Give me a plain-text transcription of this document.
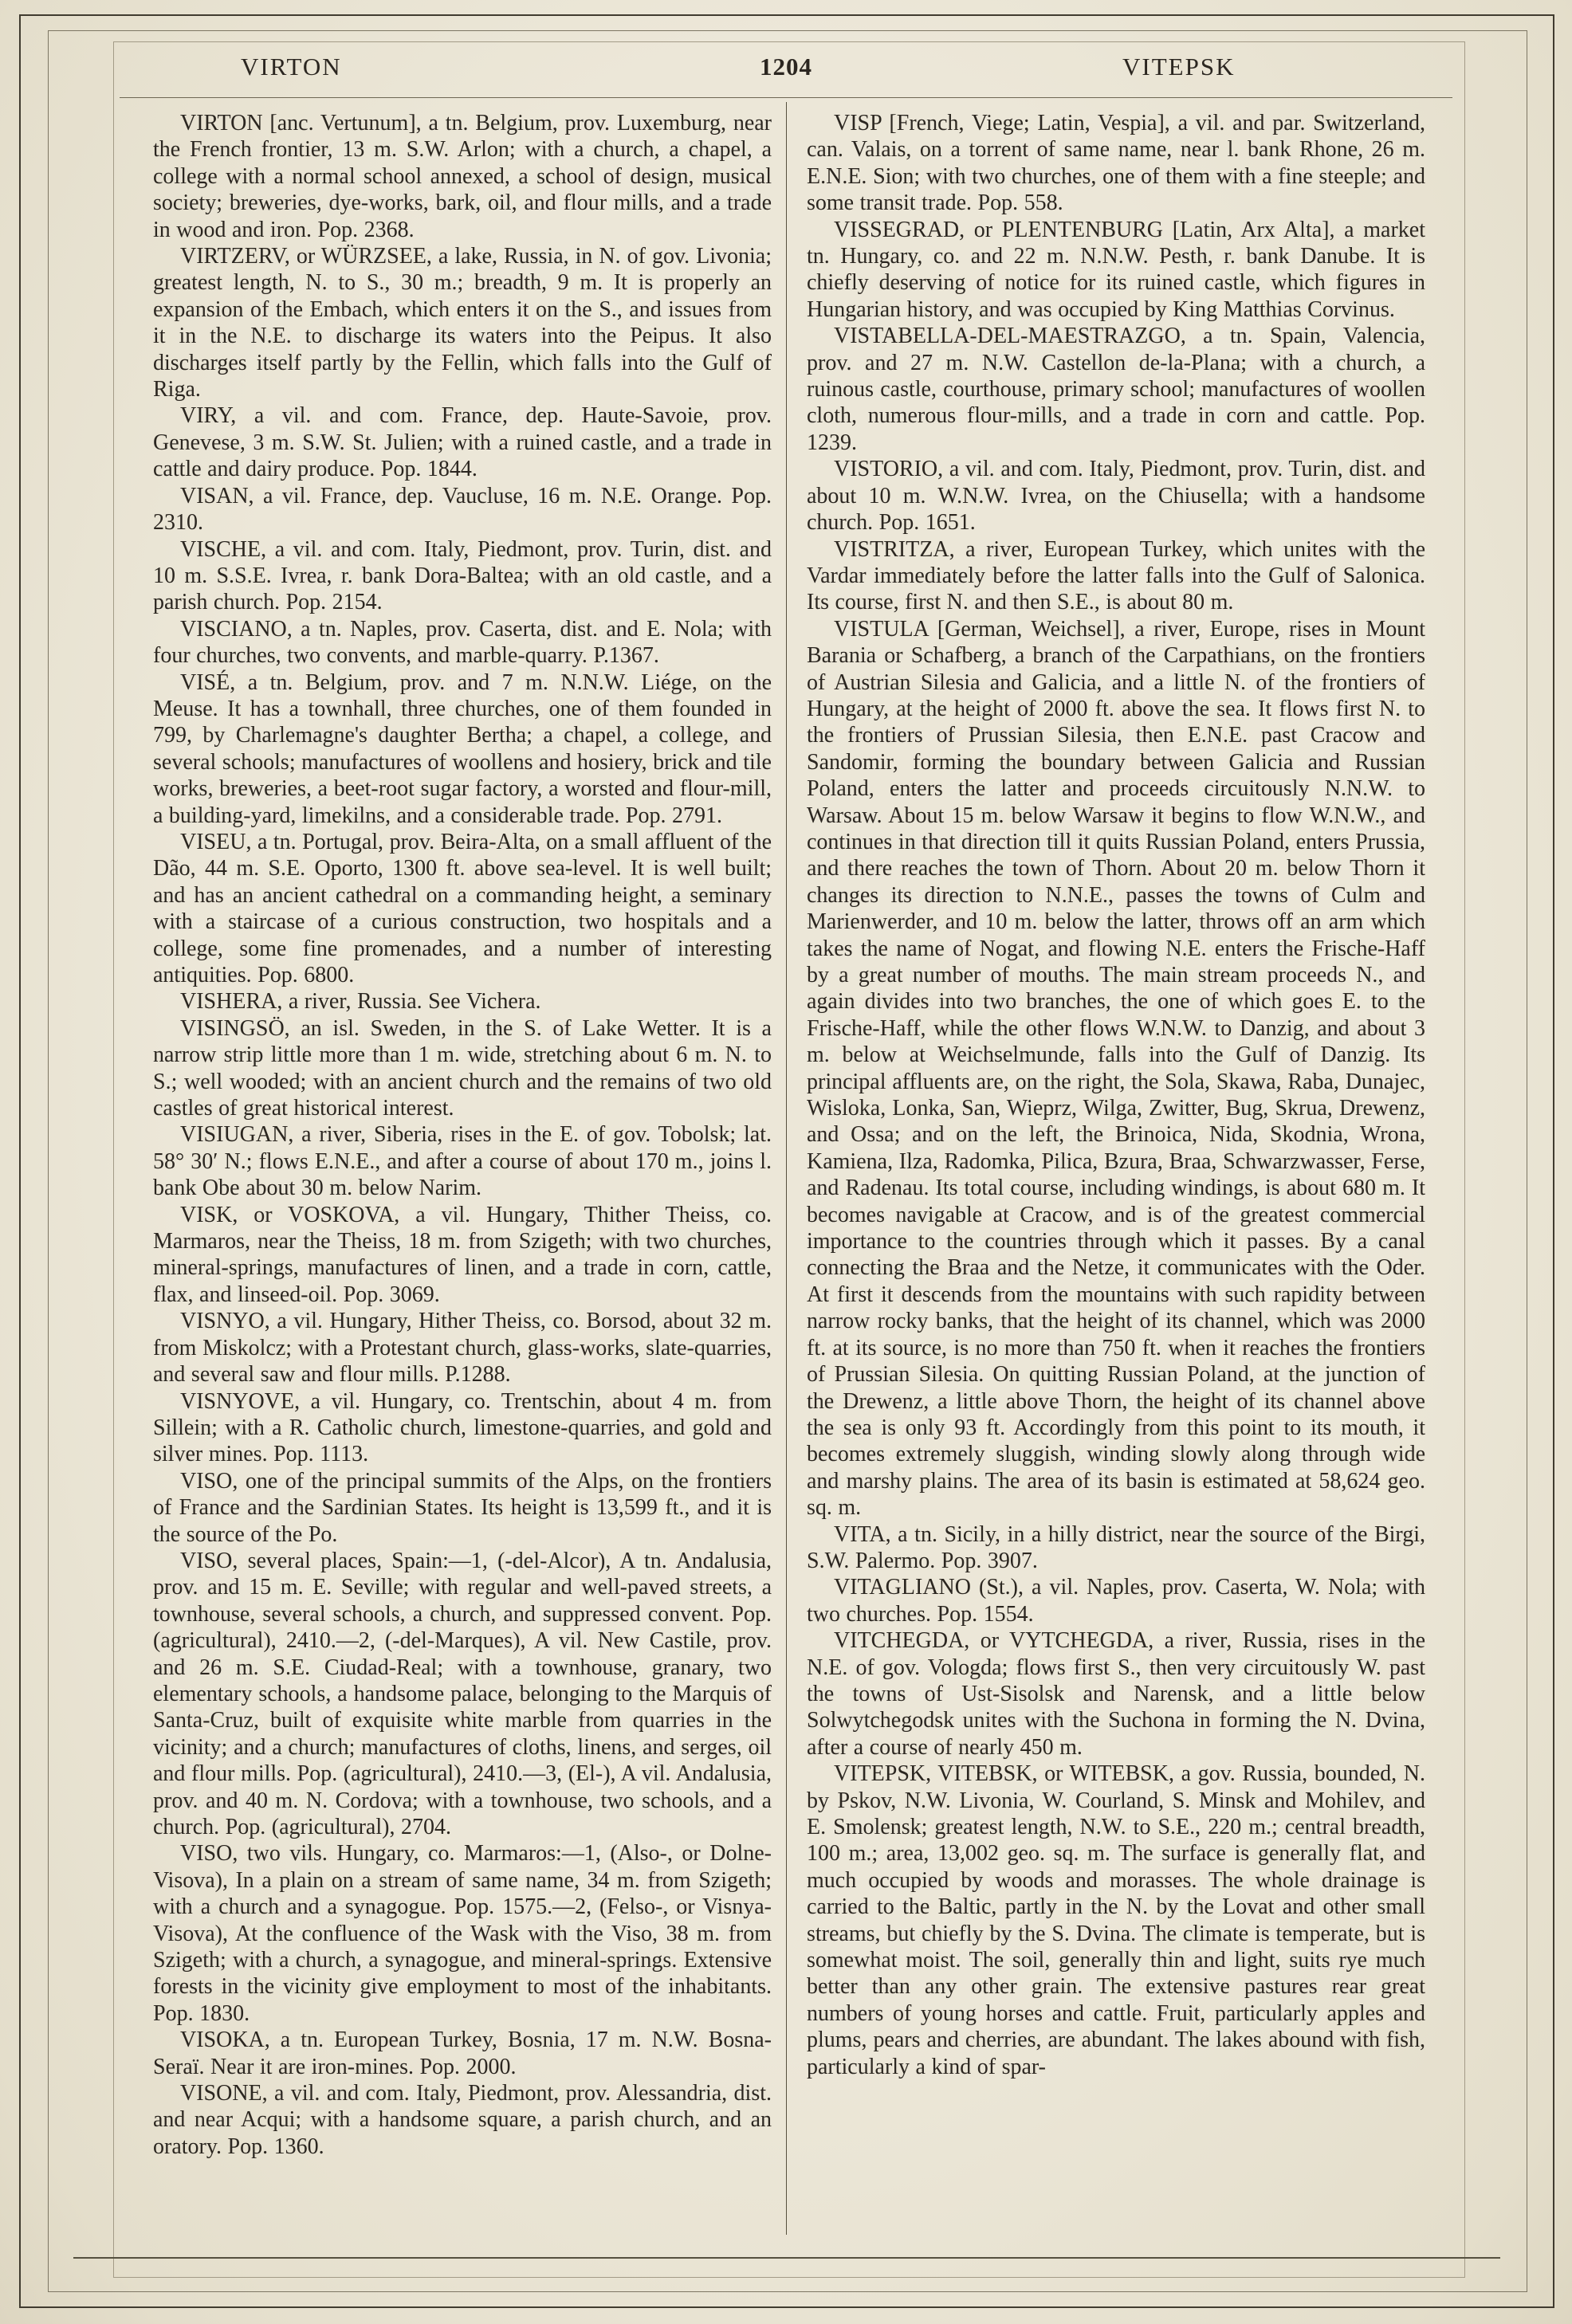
VIRTON	1204	VITEPSK

VIRTON [anc. Vertunum], a tn. Belgium, prov. Luxemburg, near the French frontier, 13 m. S.W. Arlon; with a church, a chapel, a college with a normal school annexed, a school of design, musical society; breweries, dye-works, bark, oil, and flour mills, and a trade in wood and iron. Pop. 2368.

VIRTZERV, or WÜRZSEE, a lake, Russia, in N. of gov. Livonia; greatest length, N. to S., 30 m.; breadth, 9 m. It is properly an expansion of the Embach, which enters it on the S., and issues from it in the N.E. to discharge its waters into the Peipus. It also discharges itself partly by the Fellin, which falls into the Gulf of Riga.

VIRY, a vil. and com. France, dep. Haute-Savoie, prov. Genevese, 3 m. S.W. St. Julien; with a ruined castle, and a trade in cattle and dairy produce. Pop. 1844.

VISAN, a vil. France, dep. Vaucluse, 16 m. N.E. Orange. Pop. 2310.

VISCHE, a vil. and com. Italy, Piedmont, prov. Turin, dist. and 10 m. S.S.E. Ivrea, r. bank Dora-Baltea; with an old castle, and a parish church. Pop. 2154.

VISCIANO, a tn. Naples, prov. Caserta, dist. and E. Nola; with four churches, two convents, and marble-quarry. P.1367.

VISÉ, a tn. Belgium, prov. and 7 m. N.N.W. Liége, on the Meuse. It has a townhall, three churches, one of them founded in 799, by Charlemagne's daughter Bertha; a chapel, a college, and several schools; manufactures of woollens and hosiery, brick and tile works, breweries, a beet-root sugar factory, a worsted and flour-mill, a building-yard, limekilns, and a considerable trade. Pop. 2791.

VISEU, a tn. Portugal, prov. Beira-Alta, on a small affluent of the Dão, 44 m. S.E. Oporto, 1300 ft. above sea-level. It is well built; and has an ancient cathedral on a commanding height, a seminary with a staircase of a curious construction, two hospitals and a college, some fine promenades, and a number of interesting antiquities. Pop. 6800.

VISHERA, a river, Russia. See Vichera.

VISINGSÖ, an isl. Sweden, in the S. of Lake Wetter. It is a narrow strip little more than 1 m. wide, stretching about 6 m. N. to S.; well wooded; with an ancient church and the remains of two old castles of great historical interest.

VISIUGAN, a river, Siberia, rises in the E. of gov. Tobolsk; lat. 58° 30′ N.; flows E.N.E., and after a course of about 170 m., joins l. bank Obe about 30 m. below Narim.

VISK, or VOSKOVA, a vil. Hungary, Thither Theiss, co. Marmaros, near the Theiss, 18 m. from Szigeth; with two churches, mineral-springs, manufactures of linen, and a trade in corn, cattle, flax, and linseed-oil. Pop. 3069.

VISNYO, a vil. Hungary, Hither Theiss, co. Borsod, about 32 m. from Miskolcz; with a Protestant church, glass-works, slate-quarries, and several saw and flour mills. P.1288.

VISNYOVE, a vil. Hungary, co. Trentschin, about 4 m. from Sillein; with a R. Catholic church, limestone-quarries, and gold and silver mines. Pop. 1113.

VISO, one of the principal summits of the Alps, on the frontiers of France and the Sardinian States. Its height is 13,599 ft., and it is the source of the Po.

VISO, several places, Spain:—1, (-del-Alcor), A tn. Andalusia, prov. and 15 m. E. Seville; with regular and well-paved streets, a townhouse, several schools, a church, and suppressed convent. Pop. (agricultural), 2410.—2, (-del-Marques), A vil. New Castile, prov. and 26 m. S.E. Ciudad-Real; with a townhouse, granary, two elementary schools, a handsome palace, belonging to the Marquis of Santa-Cruz, built of exquisite white marble from quarries in the vicinity; and a church; manufactures of cloths, linens, and serges, oil and flour mills. Pop. (agricultural), 2410.—3, (El-), A vil. Andalusia, prov. and 40 m. N. Cordova; with a townhouse, two schools, and a church. Pop. (agricultural), 2704.

VISO, two vils. Hungary, co. Marmaros:—1, (Also-, or Dolne-Visova), In a plain on a stream of same name, 34 m. from Szigeth; with a church and a synagogue. Pop. 1575.—2, (Felso-, or Visnya-Visova), At the confluence of the Wask with the Viso, 38 m. from Szigeth; with a church, a synagogue, and mineral-springs. Extensive forests in the vicinity give employment to most of the inhabitants. Pop. 1830.

VISOKA, a tn. European Turkey, Bosnia, 17 m. N.W. Bosna-Seraï. Near it are iron-mines. Pop. 2000.

VISONE, a vil. and com. Italy, Piedmont, prov. Alessandria, dist. and near Acqui; with a handsome square, a parish church, and an oratory. Pop. 1360.

VISP [French, Viege; Latin, Vespia], a vil. and par. Switzerland, can. Valais, on a torrent of same name, near l. bank Rhone, 26 m. E.N.E. Sion; with two churches, one of them with a fine steeple; and some transit trade. Pop. 558.

VISSEGRAD, or PLENTENBURG [Latin, Arx Alta], a market tn. Hungary, co. and 22 m. N.N.W. Pesth, r. bank Danube. It is chiefly deserving of notice for its ruined castle, which figures in Hungarian history, and was occupied by King Matthias Corvinus.

VISTABELLA-DEL-MAESTRAZGO, a tn. Spain, Valencia, prov. and 27 m. N.W. Castellon de-la-Plana; with a church, a ruinous castle, courthouse, primary school; manufactures of woollen cloth, numerous flour-mills, and a trade in corn and cattle. Pop. 1239.

VISTORIO, a vil. and com. Italy, Piedmont, prov. Turin, dist. and about 10 m. W.N.W. Ivrea, on the Chiusella; with a handsome church. Pop. 1651.

VISTRITZA, a river, European Turkey, which unites with the Vardar immediately before the latter falls into the Gulf of Salonica. Its course, first N. and then S.E., is about 80 m.

VISTULA [German, Weichsel], a river, Europe, rises in Mount Barania or Schafberg, a branch of the Carpathians, on the frontiers of Austrian Silesia and Galicia, and a little N. of the frontiers of Hungary, at the height of 2000 ft. above the sea. It flows first N. to the frontiers of Prussian Silesia, then E.N.E. past Cracow and Sandomir, forming the boundary between Galicia and Russian Poland, enters the latter and proceeds circuitously N.N.W. to Warsaw. About 15 m. below Warsaw it begins to flow W.N.W., and continues in that direction till it quits Russian Poland, enters Prussia, and there reaches the town of Thorn. About 20 m. below Thorn it changes its direction to N.N.E., passes the towns of Culm and Marienwerder, and 10 m. below the latter, throws off an arm which takes the name of Nogat, and flowing N.E. enters the Frische-Haff by a great number of mouths. The main stream proceeds N., and again divides into two branches, the one of which goes E. to the Frische-Haff, while the other flows W.N.W. to Danzig, and about 3 m. below at Weichselmunde, falls into the Gulf of Danzig. Its principal affluents are, on the right, the Sola, Skawa, Raba, Dunajec, Wisloka, Lonka, San, Wieprz, Wilga, Zwitter, Bug, Skrua, Drewenz, and Ossa; and on the left, the Brinoica, Nida, Skodnia, Wrona, Kamiena, Ilza, Radomka, Pilica, Bzura, Braa, Schwarzwasser, Ferse, and Radenau. Its total course, including windings, is about 680 m. It becomes navigable at Cracow, and is of the greatest commercial importance to the countries through which it passes. By a canal connecting the Braa and the Netze, it communicates with the Oder. At first it descends from the mountains with such rapidity between narrow rocky banks, that the height of its channel, which was 2000 ft. at its source, is no more than 750 ft. when it reaches the frontiers of Prussian Silesia. On quitting Russian Poland, at the junction of the Drewenz, a little above Thorn, the height of its channel above the sea is only 93 ft. Accordingly from this point to its mouth, it becomes extremely sluggish, winding slowly along through wide and marshy plains. The area of its basin is estimated at 58,624 geo. sq. m.

VITA, a tn. Sicily, in a hilly district, near the source of the Birgi, S.W. Palermo. Pop. 3907.

VITAGLIANO (St.), a vil. Naples, prov. Caserta, W. Nola; with two churches. Pop. 1554.

VITCHEGDA, or VYTCHEGDA, a river, Russia, rises in the N.E. of gov. Vologda; flows first S., then very circuitously W. past the towns of Ust-Sisolsk and Narensk, and a little below Solwytchegodsk unites with the Suchona in forming the N. Dvina, after a course of nearly 450 m.

VITEPSK, VITEBSK, or WITEBSK, a gov. Russia, bounded, N. by Pskov, N.W. Livonia, W. Courland, S. Minsk and Mohilev, and E. Smolensk; greatest length, N.W. to S.E., 220 m.; central breadth, 100 m.; area, 13,002 geo. sq. m. The surface is generally flat, and much occupied by woods and morasses. The whole drainage is carried to the Baltic, partly in the N. by the Lovat and other small streams, but chiefly by the S. Dvina. The climate is temperate, but is somewhat moist. The soil, generally thin and light, suits rye much better than any other grain. The extensive pastures rear great numbers of young horses and cattle. Fruit, particularly apples and plums, pears and cherries, are abundant. The lakes abound with fish, particularly a kind of spar-
